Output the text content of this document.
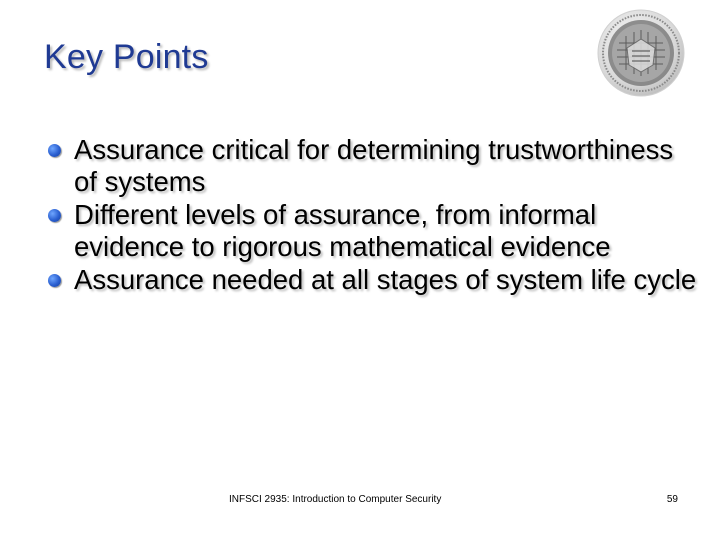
Key Points
Assurance critical for determining trustworthiness of systems
Different levels of assurance, from informal evidence to rigorous mathematical evidence
Assurance needed at all stages of system life cycle
INFSCI 2935: Introduction to Computer Security	59
